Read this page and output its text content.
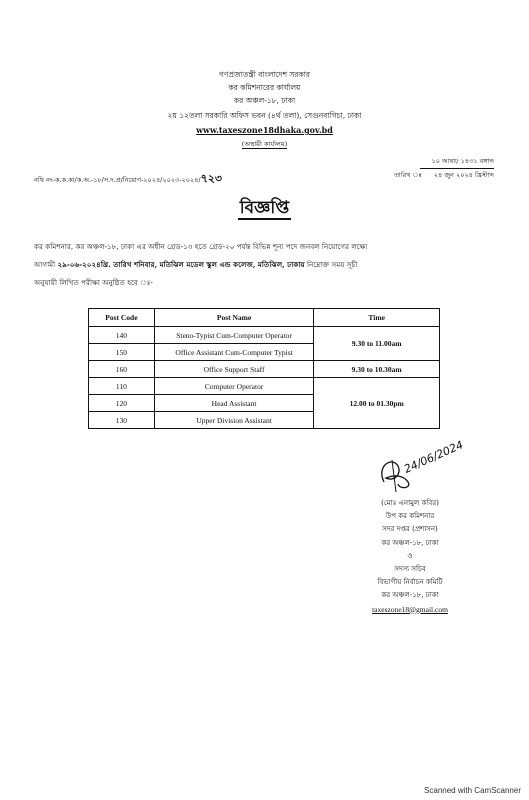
গণপ্রজাতন্ত্রী বাংলাদেশ সরকার
কর কমিশনারের কার্যালয়
কর অঞ্চল-১৮, ঢাকা
২য় ১২তলা সরকারি অফিস ভবন (৪র্থ তলা), সেগুনবাগিচা, ঢাকা
www.taxeszone18dhaka.gov.bd
(অস্থায়ী কার্যালয়)
নথি নং-ক.ক.কা/ক.অ.-১৮/স.দ.প্র/নিয়োগ-২০২৪/২০২৩-২০২৪/৭২৩	তারিখ ঃ
১০ আষাঢ় ১৪৩১ বঙ্গাব্দ
২৪ জুন ২০২৪ খ্রিস্টাব্দ
বিজ্ঞপ্তি
কর কমিশনার, কর অঞ্চল-১৮, ঢাকা এর অধীন গ্রেড-১৩ হতে গ্রেড-২০ পর্যন্ত বিভিন্ন শূন্য পদে জনবল নিয়োগের লক্ষ্যে
আগামী ২৯-০৬-২০২৪খ্রি. তারিখ শনিবার, মতিঝিল মডেল স্কুল এন্ড কলেজ, মতিঝিল, ঢাকায় নিম্নোক্ত সময় সূচী
অনুযায়ী লিখিত পরীক্ষা অনুষ্ঠিত হবে ঃ-
Post Code	Post Name	Time
140	Steno-Typist Cum-Computer Operator	9.30 to 11.00am
150	Office Assistant Cum-Computer Typist	
160	Office Support Staff	9.30 to 10.30am
110	Computer Operator	12.00 to 01.30pm
120	Head Assistant	
130	Upper Division Assistant	
24/06/2024
(মোঃ এনামুল কবির)
উপ কর কমিশনার
সদর দপ্তর (প্রশাসন)
কর অঞ্চল-১৮, ঢাকা
ও
সদস্য সচিব
বিভাগীয় নির্বাচন কমিটি
কর অঞ্চল-১৮, ঢাকা
taxeszone18@gmail.com
Scanned with CamScanner
